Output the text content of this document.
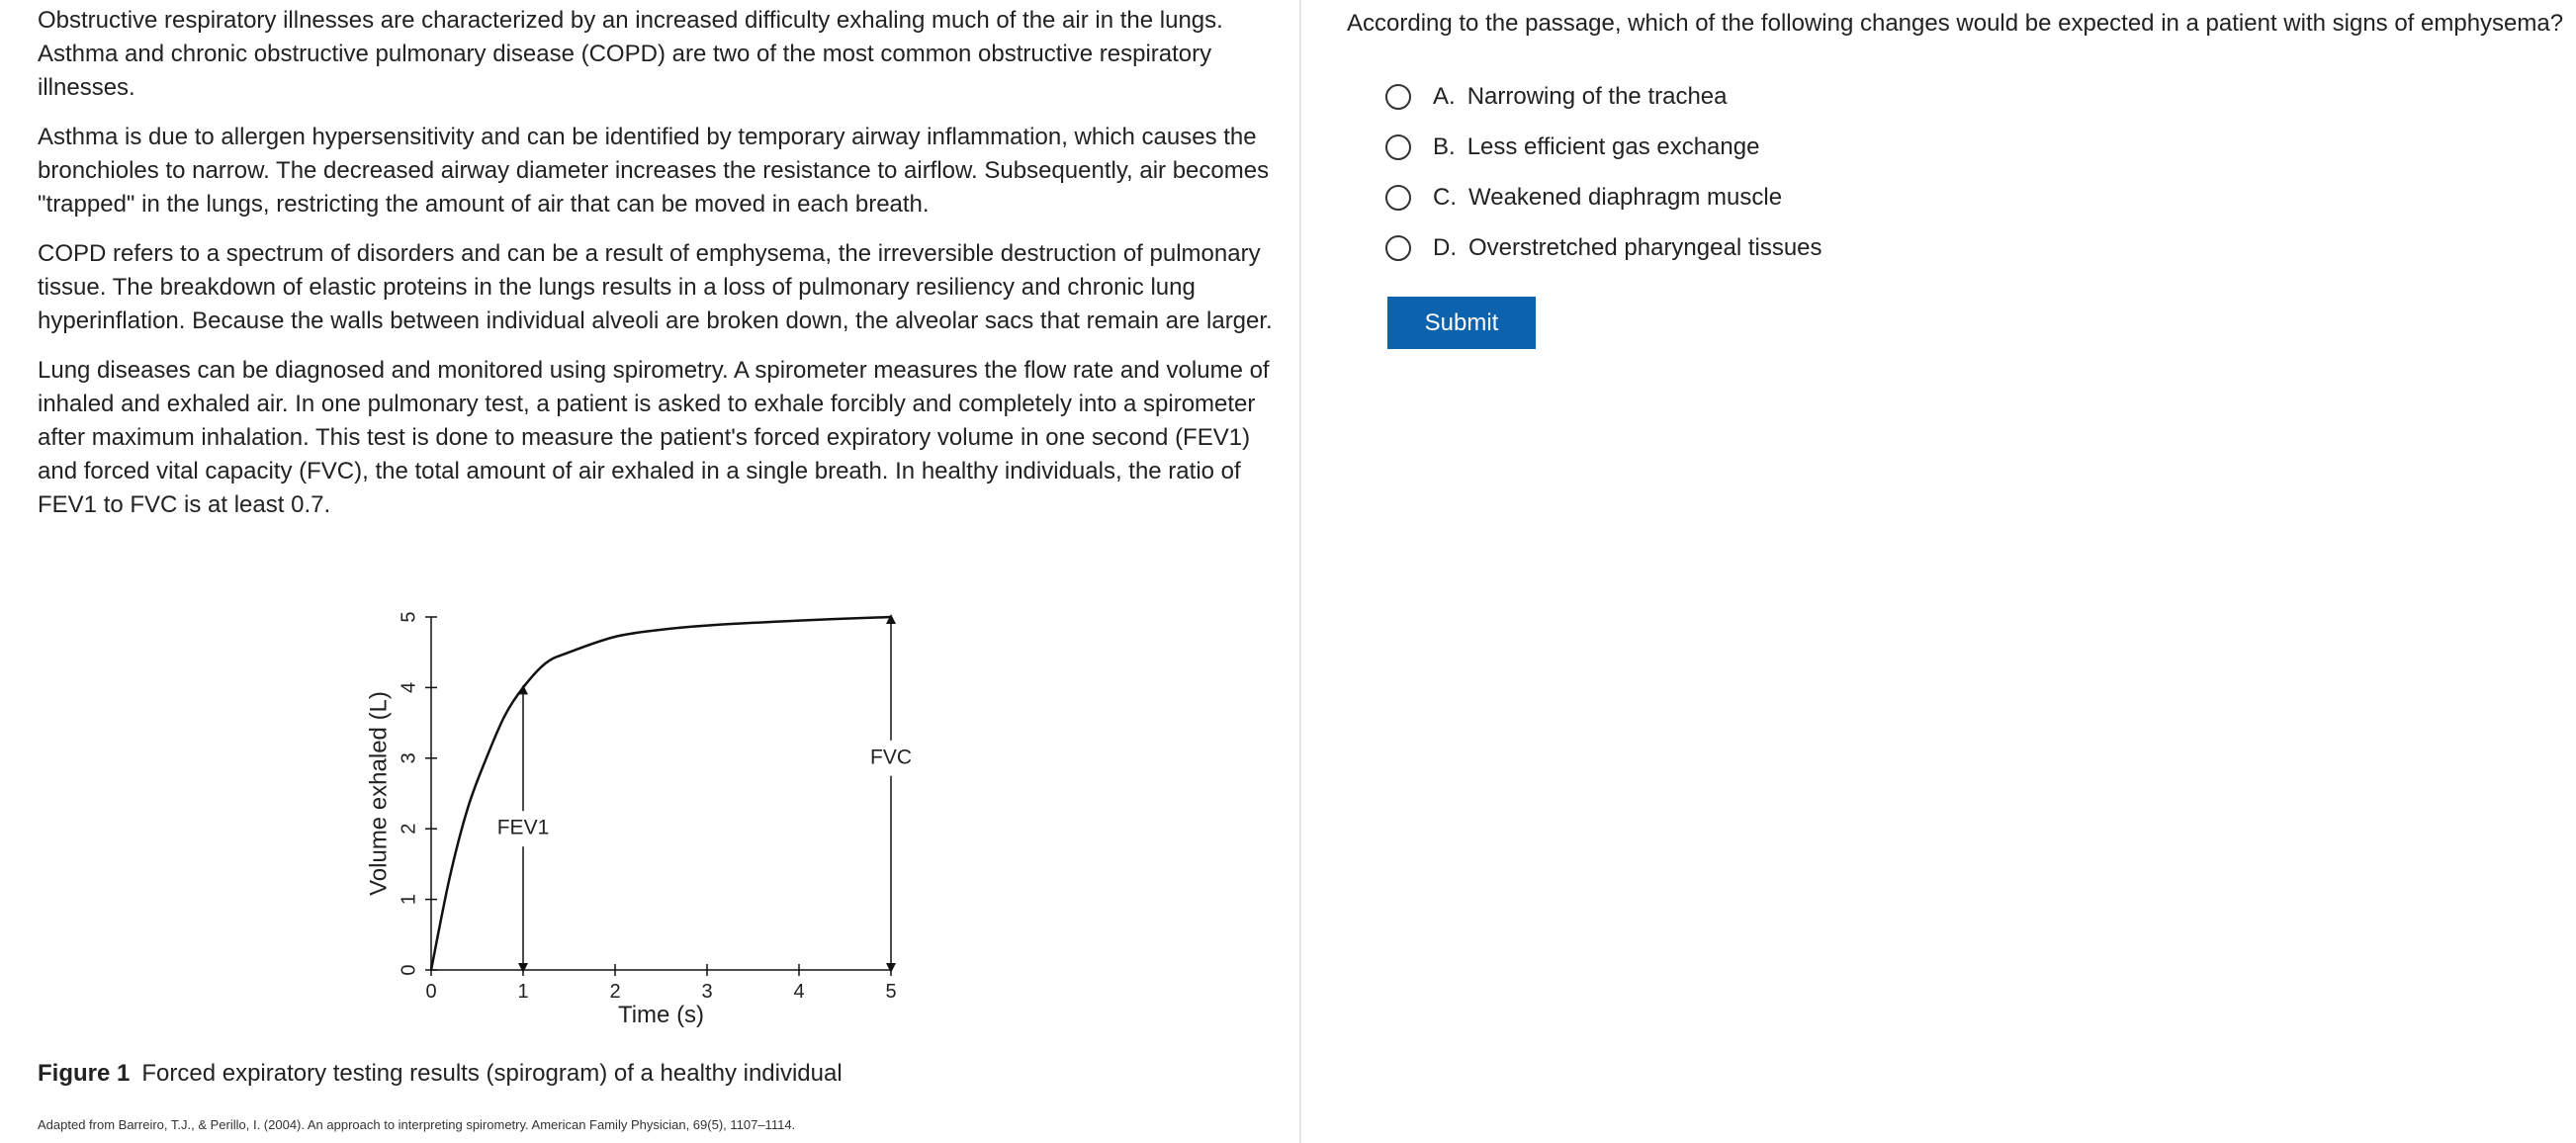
Obstructive respiratory illnesses are characterized by an increased difficulty exhaling much of the air in the lungs. Asthma and chronic obstructive pulmonary disease (COPD) are two of the most common obstructive respiratory illnesses.

Asthma is due to allergen hypersensitivity and can be identified by temporary airway inflammation, which causes the bronchioles to narrow. The decreased airway diameter increases the resistance to airflow. Subsequently, air becomes "trapped" in the lungs, restricting the amount of air that can be moved in each breath.

COPD refers to a spectrum of disorders and can be a result of emphysema, the irreversible destruction of pulmonary tissue. The breakdown of elastic proteins in the lungs results in a loss of pulmonary resiliency and chronic lung hyperinflation. Because the walls between individual alveoli are broken down, the alveolar sacs that remain are larger.

Lung diseases can be diagnosed and monitored using spirometry. A spirometer measures the flow rate and volume of inhaled and exhaled air. In one pulmonary test, a patient is asked to exhale forcibly and completely into a spirometer after maximum inhalation. This test is done to measure the patient's forced expiratory volume in one second (FEV1) and forced vital capacity (FVC), the total amount of air exhaled in a single breath. In healthy individuals, the ratio of FEV1 to FVC is at least 0.7.

0	1	2	3	4	5
0
1
2
3
4
5
FEV1
FVC
Time (s)
Volume exhaled (L)
Figure 1 Forced expiratory testing results (spirogram) of a healthy individual
Adapted from Barreiro, T.J., & Perillo, I. (2004). An approach to interpreting spirometry. American Family Physician, 69(5), 1107–1114.
According to the passage, which of the following changes would be expected in a patient with signs of emphysema?
A. Narrowing of the trachea
B. Less efficient gas exchange
C. Weakened diaphragm muscle
D. Overstretched pharyngeal tissues
Submit
